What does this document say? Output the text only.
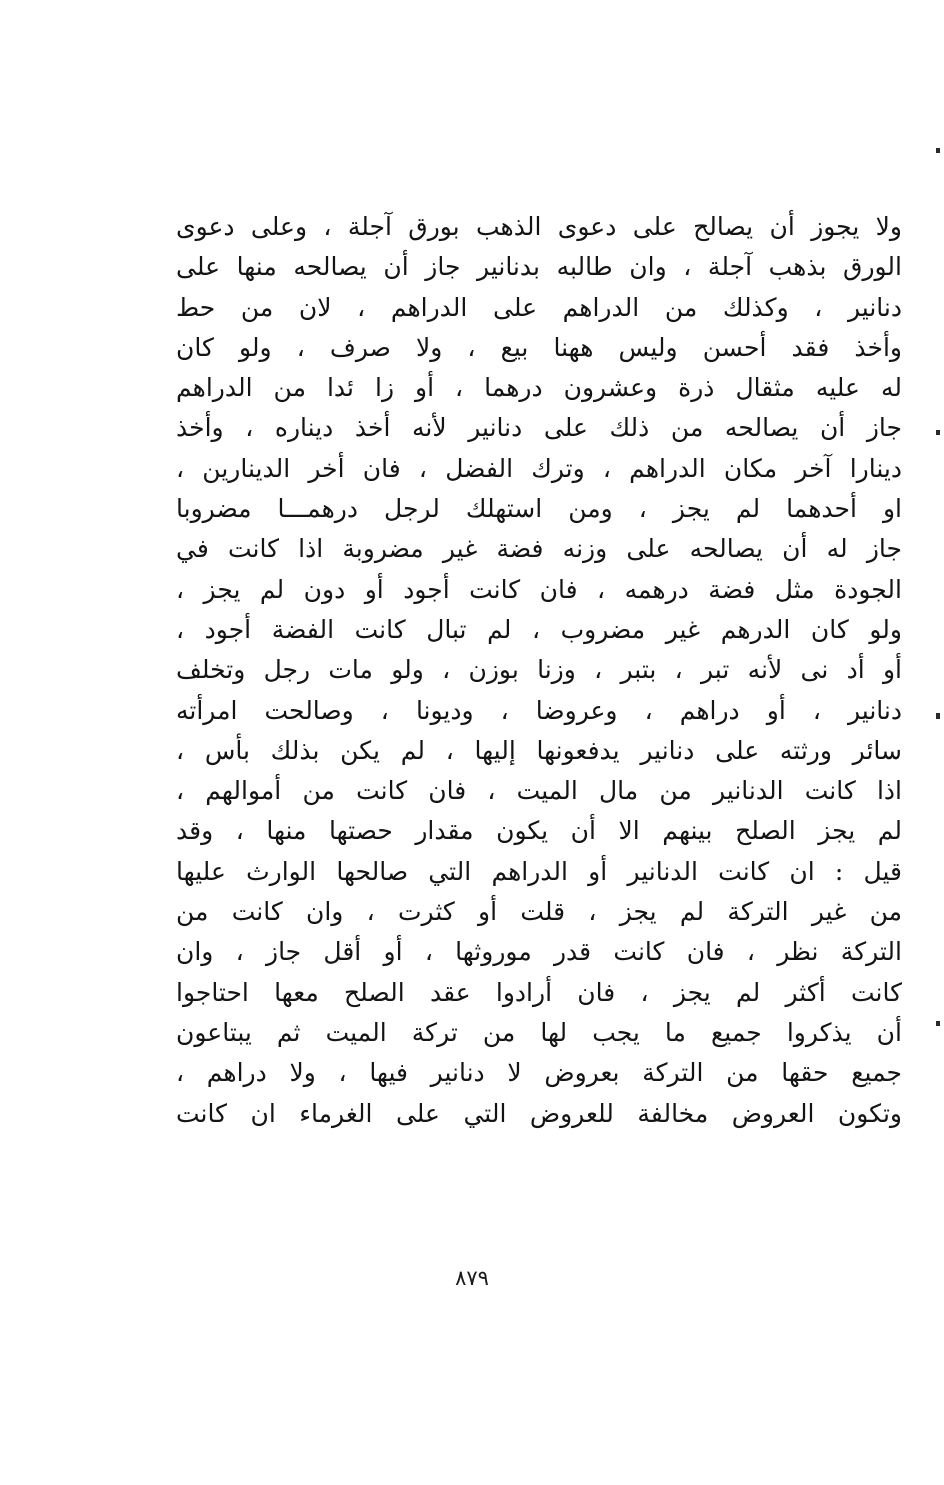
ولا يجوز أن يصالح على دعوى الذهب بورق آجلة ، وعلى دعوى
الورق بذهب آجلة ، وان طالبه بدنانير جاز أن يصالحه منها على
دنانير ، وكذلك من الدراهم على الدراهم ، لان من حط
وأخذ فقد أحسن وليس ههنا بيع ، ولا صرف ، ولو كان
له عليه مثقال ذرة وعشرون درهما ، أو زا ئدا من الدراهم
جاز أن يصالحه من ذلك على دنانير لأنه أخذ ديناره ، وأخذ
دينارا آخر مكان الدراهم ، وترك الفضل ، فان أخر الدينارين ،
او أحدهما لم يجز ، ومن استهلك لرجل درهمـــا مضروبا
جاز له أن يصالحه على وزنه فضة غير مضروبة اذا كانت في
الجودة مثل فضة درهمه ، فان كانت أجود أو دون لم يجز ،
ولو كان الدرهم غير مضروب ، لم تبال كانت الفضة أجود ،
أو أد نى لأنه تبر ، بتبر ، وزنا بوزن ، ولو مات رجل وتخلف
دنانير ، أو دراهم ، وعروضا ، وديونا ، وصالحت امرأته
سائر ورثته على دنانير يدفعونها إليها ، لم يكن بذلك بأس ،
اذا كانت الدنانير من مال الميت ، فان كانت من أموالهم ،
لم يجز الصلح بينهم الا أن يكون مقدار حصتها منها ، وقد
قيل : ان كانت الدنانير أو الدراهم التي صالحها الوارث عليها
من غير التركة لم يجز ، قلت أو كثرت ، وان كانت من
التركة نظر ، فان كانت قدر موروثها ، أو أقل جاز ، وان
كانت أكثر لم يجز ، فان أرادوا عقد الصلح معها احتاجوا
أن يذكروا جميع ما يجب لها من تركة الميت ثم يبتاعون
جميع حقها من التركة بعروض لا دنانير فيها ، ولا دراهم ،
وتكون العروض مخالفة للعروض التي على الغرماء ان كانت
٨٧٩
